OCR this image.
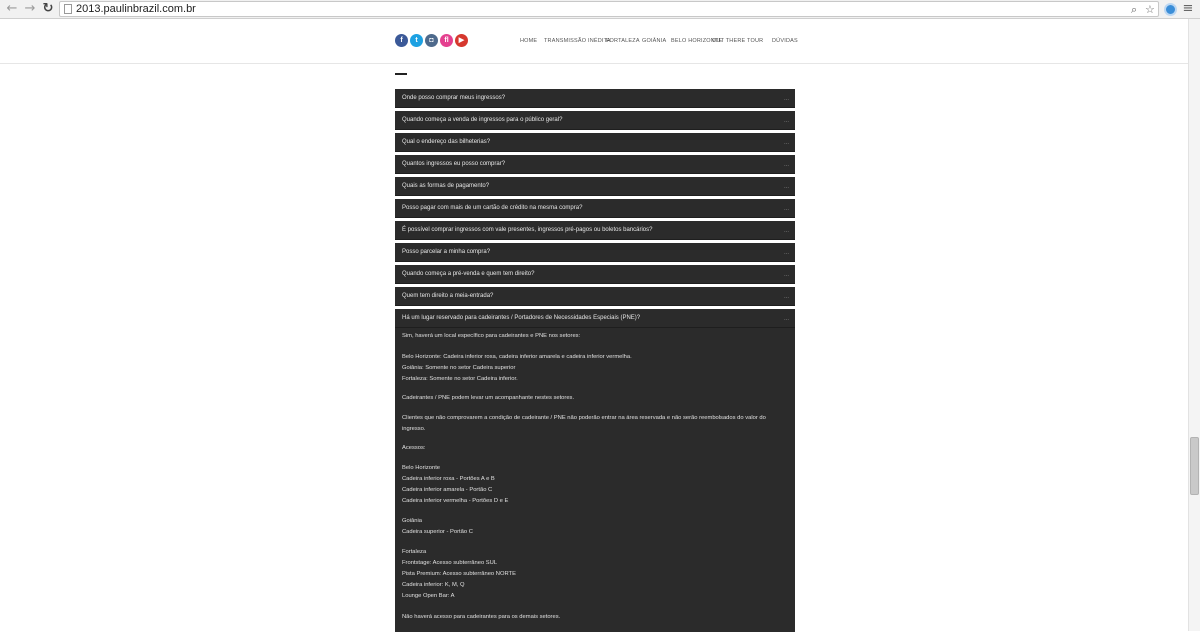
← → ↻ 2013.paulinbrazil.com.br	⌕ ☆ ≡
f	t	◘	fl	▶	HOME TRANSMISSÃO INÉDITA
FORTALEZA GOIÂNIA BELO HORIZONTE
OUT THERE TOUR DÚVIDAS
Onde posso comprar meus ingressos?	...
Quando começa a venda de ingressos para o público geral?	...
Qual o endereço das bilheterias?	...
Quantos ingressos eu posso comprar?	...
Quais as formas de pagamento?	...
Posso pagar com mais de um cartão de crédito na mesma compra?	...
É possível comprar ingressos com vale presentes, ingressos pré-pagos ou boletos bancários?	...
Posso parcelar a minha compra?	...
Quando começa a pré-venda e quem tem direito?	...
Quem tem direito a meia-entrada?	...
Há um lugar reservado para cadeirantes / Portadores de Necessidades Especiais (PNE)?	...

Sim, haverá um local específico para cadeirantes e PNE nos setores:

Belo Horizonte: Cadeira inferior roxa, cadeira inferior amarela e cadeira inferior vermelha.

Goiânia: Somente no setor Cadeira superior

Fortaleza: Somente no setor Cadeira inferior.

Cadeirantes / PNE podem levar um acompanhante nestes setores.

Clientes que não comprovarem a condição de cadeirante / PNE não poderão entrar na área reservada e não serão reembolsados do valor do ingresso.

Acessos:

Belo Horizonte

Cadeira inferior roxa - Portões A e B

Cadeira inferior amarela - Portão C

Cadeira inferior vermelha - Portões D e E

Goiânia

Cadeira superior - Portão C

Fortaleza

Frontstage: Acesso subterrâneo SUL

Pista Premium: Acesso subterrâneo NORTE

Cadeira inferior: K, M, Q

Lounge Open Bar: A

Não haverá acesso para cadeirantes para os demais setores.
